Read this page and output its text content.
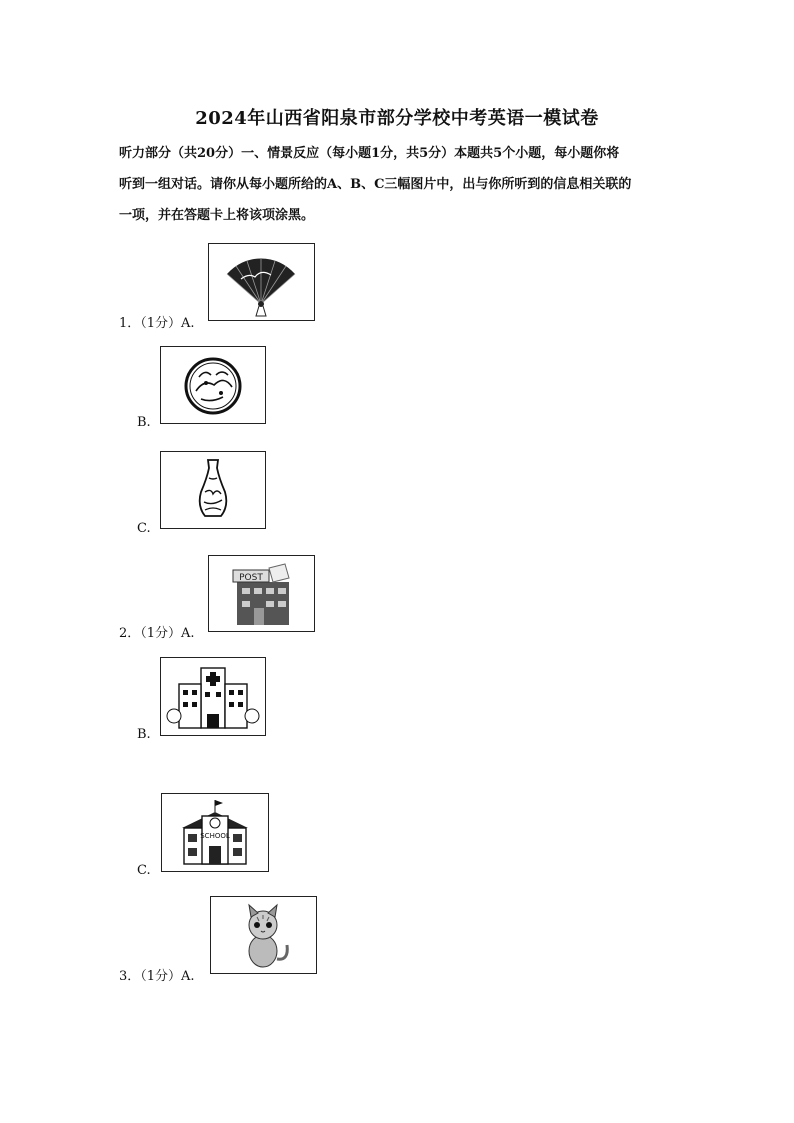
2024年山西省阳泉市部分学校中考英语一模试卷
听力部分（共20分）一、情景反应（每小题1分，共5分）本题共5个小题，每小题你将
听到一组对话。请你从每小题所给的A、B、C三幅图片中，出与你所听到的信息相关联的
一项，并在答题卡上将该项涂黑。
1．（1分）A.
B.
C.
2．（1分）A.
POST
B.
C.
SCHOOL
3．（1分）A.
